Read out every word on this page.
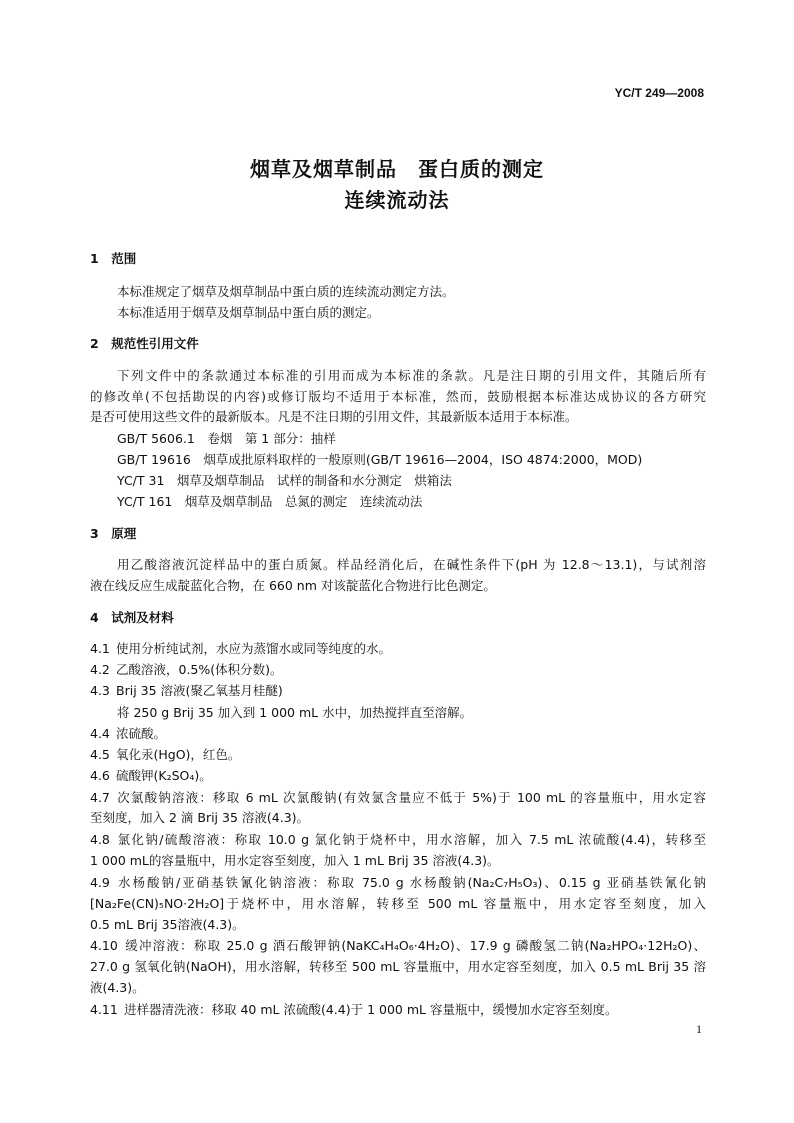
YC/T 249—2008
烟草及烟草制品　蛋白质的测定
连续流动法
1　范围
本标准规定了烟草及烟草制品中蛋白质的连续流动测定方法。
本标准适用于烟草及烟草制品中蛋白质的测定。
2　规范性引用文件
下列文件中的条款通过本标准的引用而成为本标准的条款。凡是注日期的引用文件，其随后所有
的修改单(不包括勘误的内容)或修订版均不适用于本标准，然而，鼓励根据本标准达成协议的各方研究
是否可使用这些文件的最新版本。凡是不注日期的引用文件，其最新版本适用于本标准。
GB/T 5606.1　卷烟　第 1 部分：抽样
GB/T 19616　烟草成批原料取样的一般原则(GB/T 19616—2004，ISO 4874:2000，MOD)
YC/T 31　烟草及烟草制品　试样的制备和水分测定　烘箱法
YC/T 161　烟草及烟草制品　总氮的测定　连续流动法
3　原理
用乙酸溶液沉淀样品中的蛋白质氮。样品经消化后，在碱性条件下(pH 为 12.8～13.1)，与试剂溶
液在线反应生成靛蓝化合物，在 660 nm 对该靛蓝化合物进行比色测定。
4　试剂及材料
4.1 使用分析纯试剂，水应为蒸馏水或同等纯度的水。
4.2 乙酸溶液，0.5%(体积分数)。
4.3 Brij 35 溶液(聚乙氧基月桂醚)
将 250 g Brij 35 加入到 1 000 mL 水中，加热搅拌直至溶解。
4.4 浓硫酸。
4.5 氧化汞(HgO)，红色。
4.6 硫酸钾(K₂SO₄)。
4.7 次氯酸钠溶液：移取 6 mL 次氯酸钠(有效氯含量应不低于 5%)于 100 mL 的容量瓶中，用水定容
至刻度，加入 2 滴 Brij 35 溶液(4.3)。
4.8 氯化钠/硫酸溶液：称取 10.0 g 氯化钠于烧杯中，用水溶解，加入 7.5 mL 浓硫酸(4.4)，转移至
1 000 mL的容量瓶中，用水定容至刻度，加入 1 mL Brij 35 溶液(4.3)。
4.9 水杨酸钠/亚硝基铁氰化钠溶液：称取 75.0 g 水杨酸钠(Na₂C₇H₅O₃)、0.15 g 亚硝基铁氰化钠
[Na₂Fe(CN)₅NO·2H₂O]于烧杯中，用水溶解，转移至 500 mL 容量瓶中，用水定容至刻度，加入
0.5 mL Brij 35溶液(4.3)。
4.10 缓冲溶液：称取 25.0 g 酒石酸钾钠(NaKC₄H₄O₆·4H₂O)、17.9 g 磷酸氢二钠(Na₂HPO₄·12H₂O)、
27.0 g 氢氧化钠(NaOH)，用水溶解，转移至 500 mL 容量瓶中，用水定容至刻度，加入 0.5 mL Brij 35 溶
液(4.3)。
4.11 进样器清洗液：移取 40 mL 浓硫酸(4.4)于 1 000 mL 容量瓶中，缓慢加水定容至刻度。
1
